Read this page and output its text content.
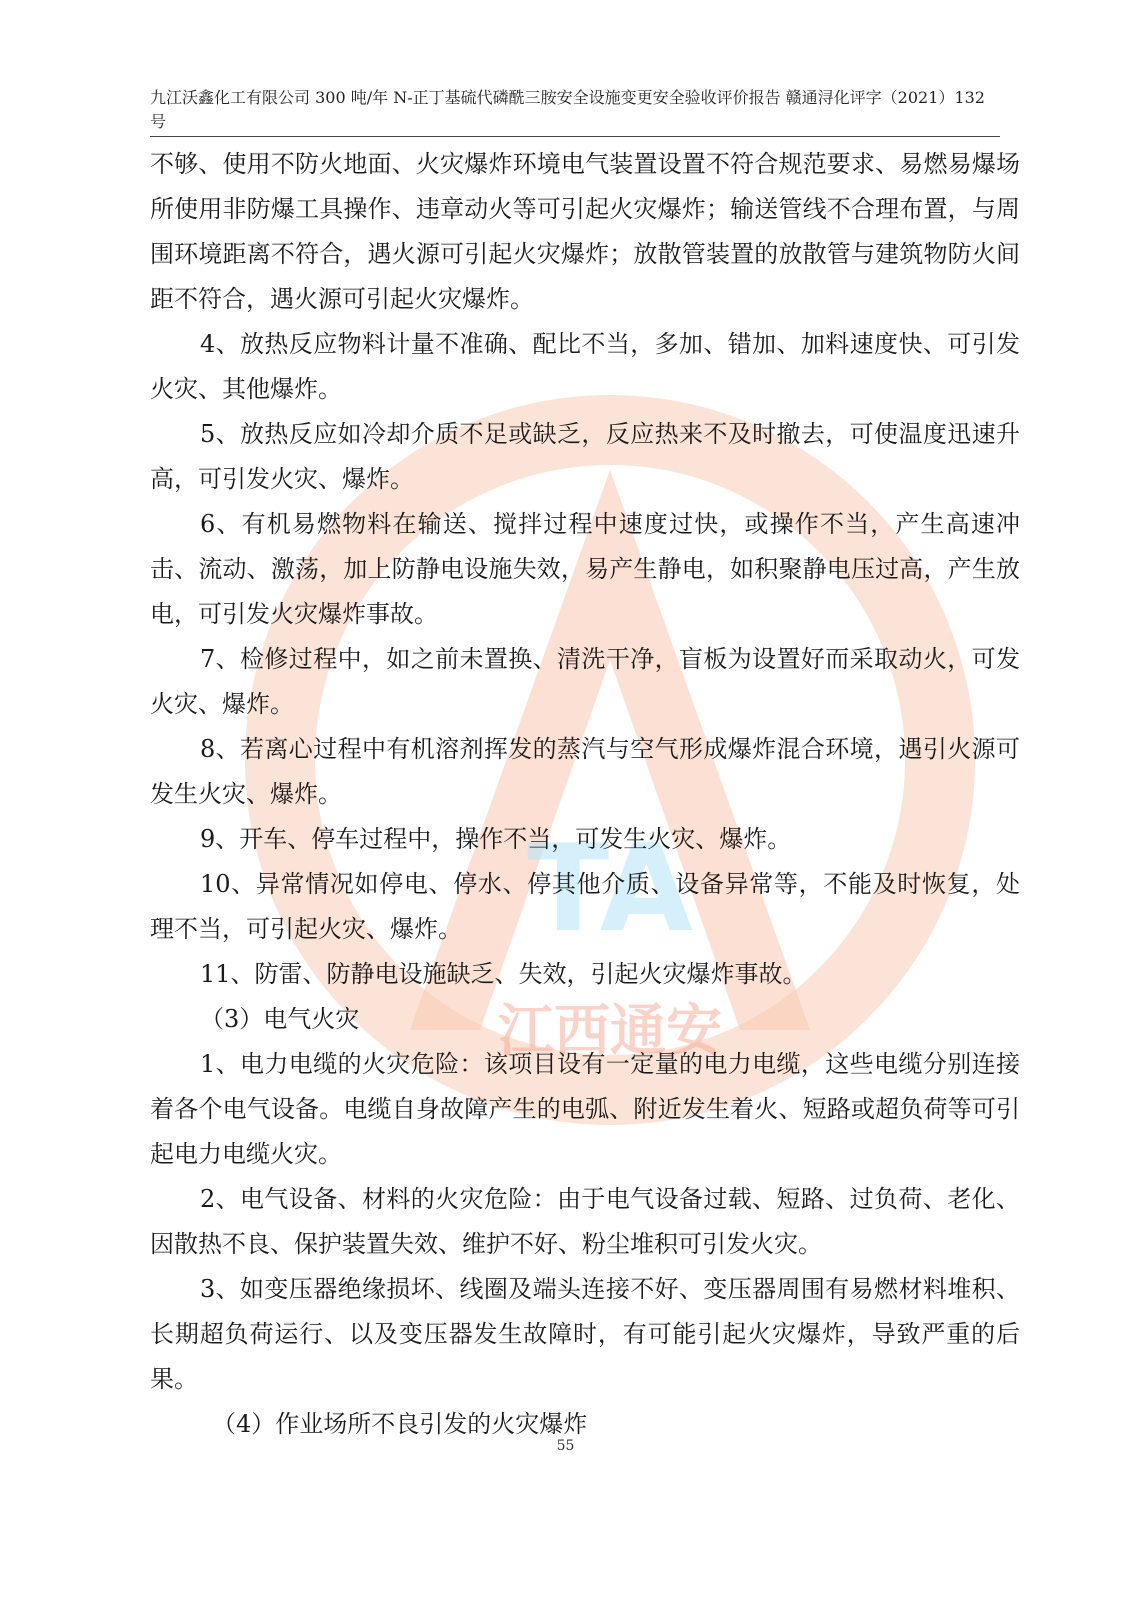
九江沃鑫化工有限公司 300 吨/年 N-正丁基硫代磷酰三胺安全设施变更安全验收评价报告 赣通浔化评字（2021）132
号
TA
江西通安

不够、使用不防火地面、火灾爆炸环境电气装置设置不符合规范要求、易燃易爆场所使用非防爆工具操作、违章动火等可引起火灾爆炸；输送管线不合理布置，与周围环境距离不符合，遇火源可引起火灾爆炸；放散管装置的放散管与建筑物防火间距不符合，遇火源可引起火灾爆炸。

4、放热反应物料计量不准确、配比不当，多加、错加、加料速度快、可引发火灾、其他爆炸。

5、放热反应如冷却介质不足或缺乏，反应热来不及时撤去，可使温度迅速升高，可引发火灾、爆炸。

6、有机易燃物料在输送、搅拌过程中速度过快，或操作不当，产生高速冲击、流动、激荡，加上防静电设施失效，易产生静电，如积聚静电压过高，产生放电，可引发火灾爆炸事故。

7、检修过程中，如之前未置换、清洗干净，盲板为设置好而采取动火，可发火灾、爆炸。

8、若离心过程中有机溶剂挥发的蒸汽与空气形成爆炸混合环境，遇引火源可发生火灾、爆炸。

9、开车、停车过程中，操作不当，可发生火灾、爆炸。

10、异常情况如停电、停水、停其他介质、设备异常等，不能及时恢复，处理不当，可引起火灾、爆炸。

11、防雷、防静电设施缺乏、失效，引起火灾爆炸事故。

（3）电气火灾

1、电力电缆的火灾危险：该项目设有一定量的电力电缆，这些电缆分别连接着各个电气设备。电缆自身故障产生的电弧、附近发生着火、短路或超负荷等可引起电力电缆火灾。

2、电气设备、材料的火灾危险：由于电气设备过载、短路、过负荷、老化、因散热不良、保护装置失效、维护不好、粉尘堆积可引发火灾。

3、如变压器绝缘损坏、线圈及端头连接不好、变压器周围有易燃材料堆积、长期超负荷运行、以及变压器发生故障时，有可能引起火灾爆炸，导致严重的后果。

（4）作业场所不良引发的火灾爆炸

55
